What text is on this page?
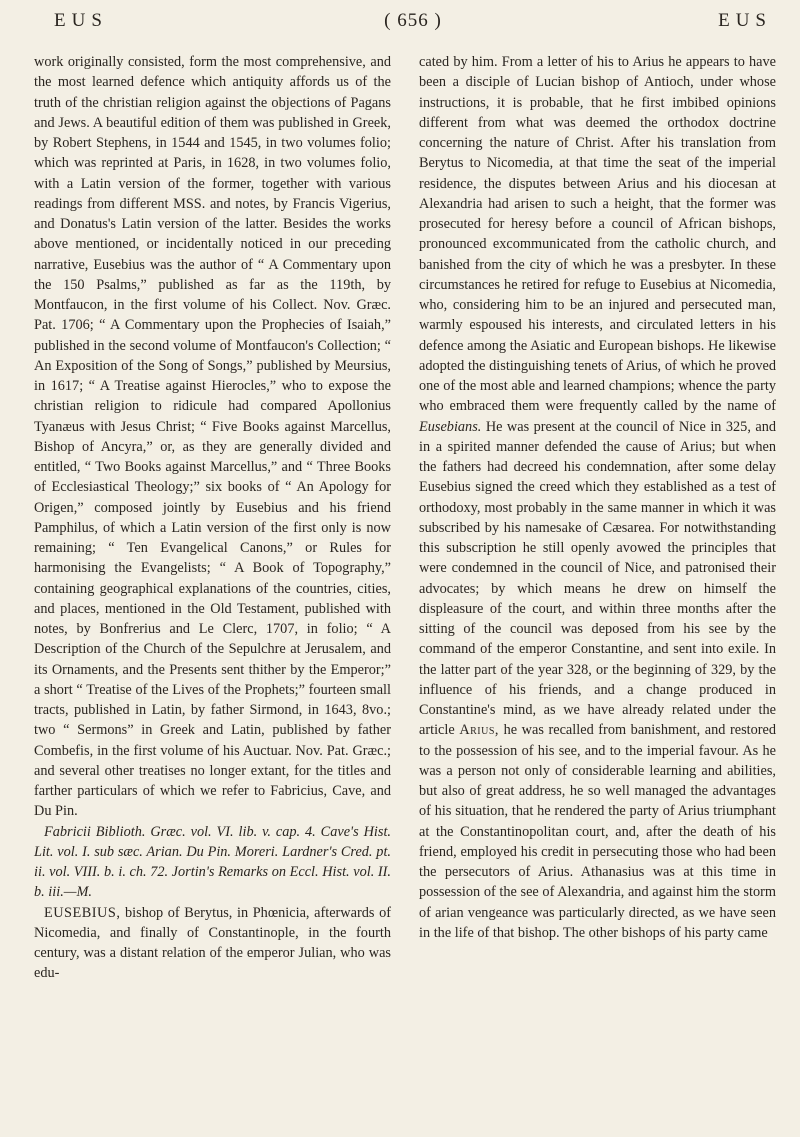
EUS	( 656 )	EUS

work originally consisted, form the most comprehensive, and the most learned defence which antiquity affords us of the truth of the christian religion against the objections of Pagans and Jews. A beautiful edition of them was published in Greek, by Robert Stephens, in 1544 and 1545, in two volumes folio; which was reprinted at Paris, in 1628, in two volumes folio, with a Latin version of the former, together with various readings from different MSS. and notes, by Francis Vigerius, and Donatus's Latin version of the latter. Besides the works above mentioned, or incidentally noticed in our preceding narrative, Eusebius was the author of “ A Commentary upon the 150 Psalms,” published as far as the 119th, by Montfaucon, in the first volume of his Collect. Nov. Græc. Pat. 1706; “ A Commentary upon the Prophecies of Isaiah,” published in the second volume of Montfaucon's Collection; “ An Exposition of the Song of Songs,” published by Meursius, in 1617; “ A Treatise against Hierocles,” who to expose the christian religion to ridicule had compared Apollonius Tyanæus with Jesus Christ; “ Five Books against Marcellus, Bishop of Ancyra,” or, as they are generally divided and entitled, “ Two Books against Marcellus,” and “ Three Books of Ecclesiastical Theology;” six books of “ An Apology for Origen,” composed jointly by Eusebius and his friend Pamphilus, of which a Latin version of the first only is now remaining; “ Ten Evangelical Canons,” or Rules for harmonising the Evangelists; “ A Book of Topography,” containing geographical explanations of the countries, cities, and places, mentioned in the Old Testament, published with notes, by Bonfrerius and Le Clerc, 1707, in folio; “ A Description of the Church of the Sepulchre at Jerusalem, and its Ornaments, and the Presents sent thither by the Emperor;” a short “ Treatise of the Lives of the Prophets;” fourteen small tracts, published in Latin, by father Sirmond, in 1643, 8vo.; two “ Sermons” in Greek and Latin, published by father Combefis, in the first volume of his Auctuar. Nov. Pat. Græc.; and several other treatises no longer extant, for the titles and farther particulars of which we refer to Fabricius, Cave, and Du Pin.

Fabricii Biblioth. Græc. vol. VI. lib. v. cap. 4. Cave's Hist. Lit. vol. I. sub sæc. Arian. Du Pin. Moreri. Lardner's Cred. pt. ii. vol. VIII. b. i. ch. 72. Jortin's Remarks on Eccl. Hist. vol. II. b. iii.—M.

EUSEBIUS, bishop of Berytus, in Phœnicia, afterwards of Nicomedia, and finally of Constantinople, in the fourth century, was a distant relation of the emperor Julian, who was edu-

cated by him. From a letter of his to Arius he appears to have been a disciple of Lucian bishop of Antioch, under whose instructions, it is probable, that he first imbibed opinions different from what was deemed the orthodox doctrine concerning the nature of Christ. After his translation from Berytus to Nicomedia, at that time the seat of the imperial residence, the disputes between Arius and his diocesan at Alexandria had arisen to such a height, that the former was prosecuted for heresy before a council of African bishops, pronounced excommunicated from the catholic church, and banished from the city of which he was a presbyter. In these circumstances he retired for refuge to Eusebius at Nicomedia, who, considering him to be an injured and persecuted man, warmly espoused his interests, and circulated letters in his defence among the Asiatic and European bishops. He likewise adopted the distinguishing tenets of Arius, of which he proved one of the most able and learned champions; whence the party who embraced them were frequently called by the name of Eusebians. He was present at the council of Nice in 325, and in a spirited manner defended the cause of Arius; but when the fathers had decreed his condemnation, after some delay Eusebius signed the creed which they established as a test of orthodoxy, most probably in the same manner in which it was subscribed by his namesake of Cæsarea. For notwithstanding this subscription he still openly avowed the principles that were condemned in the council of Nice, and patronised their advocates; by which means he drew on himself the displeasure of the court, and within three months after the sitting of the council was deposed from his see by the command of the emperor Constantine, and sent into exile. In the latter part of the year 328, or the beginning of 329, by the influence of his friends, and a change produced in Constantine's mind, as we have already related under the article Arius, he was recalled from banishment, and restored to the possession of his see, and to the imperial favour. As he was a person not only of considerable learning and abilities, but also of great address, he so well managed the advantages of his situation, that he rendered the party of Arius triumphant at the Constantinopolitan court, and, after the death of his friend, employed his credit in persecuting those who had been the persecutors of Arius. Athanasius was at this time in possession of the see of Alexandria, and against him the storm of arian vengeance was particularly directed, as we have seen in the life of that bishop. The other bishops of his party came
